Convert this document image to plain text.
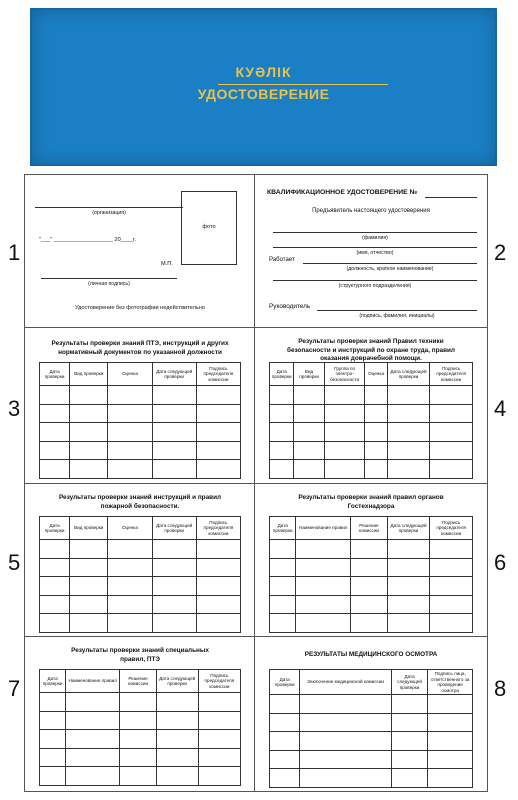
КУӘЛІК
УДОСТОВЕРЕНИЕ
1	2
3	4
5	6
7	8
(организация)
"___" ___________________ 20____г.
фото
М.П.
(личная подпись)
Удостоверение без фотографии недействительно
КВАЛИФИКАЦИОННОЕ УДОСТОВЕРЕНИЕ №
Предъявитель настоящего удостоверения
(фамилия)
(имя, отчество)
Работает
(должность, краткое наименование)
(структурного подразделения)
Руководитель
(подпись, фамилия, инициалы)
Результаты проверки знаний ПТЭ, инструкций и других нормативный документов по указанной должности
Дата проверки	Вид проверки	Оценка	Дата следующей проверки	Подпись председателя комиссии

Результаты проверки знаний Правил техники безопасности и инструкций по охране труда, правил оказания доврачебной помощи.
Дата проверки	Вид проверки	Группа по электро-безопасности	Оценка	Дата следующей проверки	Подпись председателя комиссии

Результаты проверки знаний инструкций и правил пожарной безопасности.
Дата проверки	Вид проверки	Оценка	Дата следующей проверки	Подпись председателя комиссии

Результаты проверки знаний правил органов Гостехнадзора
Дата проверки	Наименование правил	Решение комиссии	Дата следующей проверки	Подпись председателя комиссии

Результаты проверки знаний специальных правил, ПТЭ
Дата проверки	Наименование правил	Решение комиссии	Дата следующей проверки	Подпись председателя комиссии

РЕЗУЛЬТАТЫ МЕДИЦИНСКОГО ОСМОТРА
Дата проверки	Заключение медицинской комиссии	Дата следующей проверки	Подпись лица, ответственного за проведение осмотра
